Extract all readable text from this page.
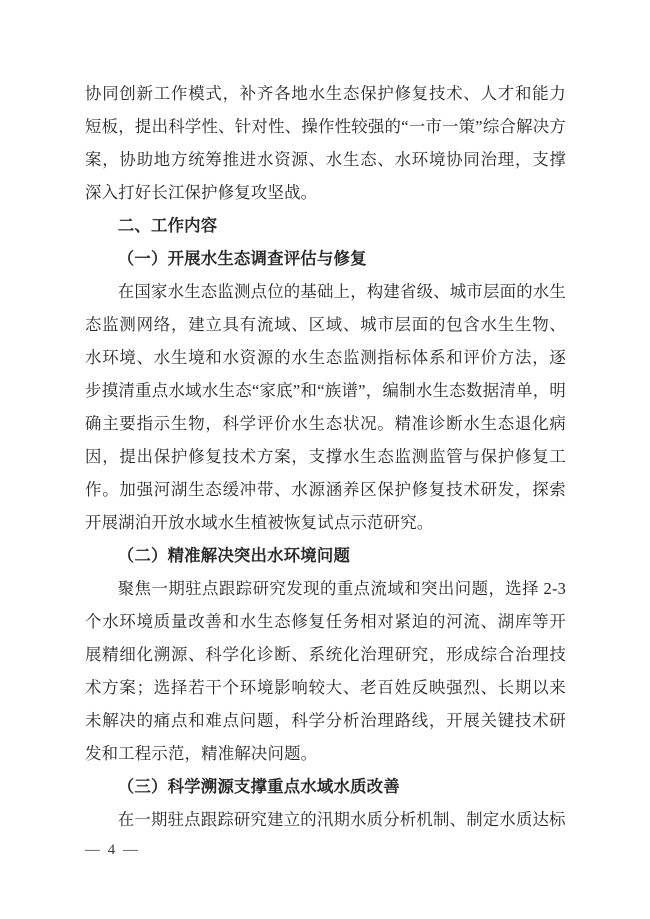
协同创新工作模式，补齐各地水生态保护修复技术、人才和能力短板，提出科学性、针对性、操作性较强的“一市一策”综合解决方案，协助地方统筹推进水资源、水生态、水环境协同治理，支撑深入打好长江保护修复攻坚战。

二、工作内容

（一）开展水生态调查评估与修复

在国家水生态监测点位的基础上，构建省级、城市层面的水生态监测网络，建立具有流域、区域、城市层面的包含水生生物、水环境、水生境和水资源的水生态监测指标体系和评价方法，逐步摸清重点水域水生态“家底”和“族谱”，编制水生态数据清单，明确主要指示生物，科学评价水生态状况。精准诊断水生态退化病因，提出保护修复技术方案，支撑水生态监测监管与保护修复工作。加强河湖生态缓冲带、水源涵养区保护修复技术研发，探索开展湖泊开放水域水生植被恢复试点示范研究。

（二）精准解决突出水环境问题

聚焦一期驻点跟踪研究发现的重点流域和突出问题，选择 2-3 个水环境质量改善和水生态修复任务相对紧迫的河流、湖库等开展精细化溯源、科学化诊断、系统化治理研究，形成综合治理技术方案；选择若干个环境影响较大、老百姓反映强烈、长期以来未解决的痛点和难点问题，科学分析治理路线，开展关键技术研发和工程示范，精准解决问题。

（三）科学溯源支撑重点水域水质改善

在一期驻点跟踪研究建立的汛期水质分析机制、制定水质达标

— 4 —
